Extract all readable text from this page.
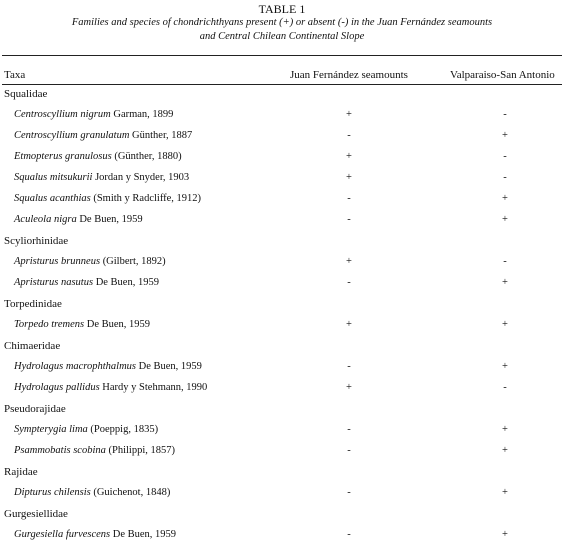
TABLE 1
Families and species of chondrichthyans present (+) or absent (-) in the Juan Fernández seamounts
and Central Chilean Continental Slope
Taxa	Juan Fernández seamounts	Valparaiso-San Antonio
Squalidae
Centroscyllium nigrum Garman, 1899	+	-
Centroscyllium granulatum Günther, 1887	-	+
Etmopterus granulosus (Günther, 1880)	+	-
Squalus mitsukurii Jordan y Snyder, 1903	+	-
Squalus acanthias (Smith y Radcliffe, 1912)	-	+
Aculeola nigra De Buen, 1959	-	+
Scyliorhinidae
Apristurus brunneus (Gilbert, 1892)	+	-
Apristurus nasutus De Buen, 1959	-	+
Torpedinidae
Torpedo tremens De Buen, 1959	+	+
Chimaeridae
Hydrolagus macrophthalmus De Buen, 1959	-	+
Hydrolagus pallidus Hardy y Stehmann, 1990	+	-
Pseudorajidae
Sympterygia lima (Poeppig, 1835)	-	+
Psammobatis scobina (Philippi, 1857)	-	+
Rajidae
Dipturus chilensis (Guichenot, 1848)	-	+
Gurgesiellidae
Gurgesiella furvescens De Buen, 1959	-	+
